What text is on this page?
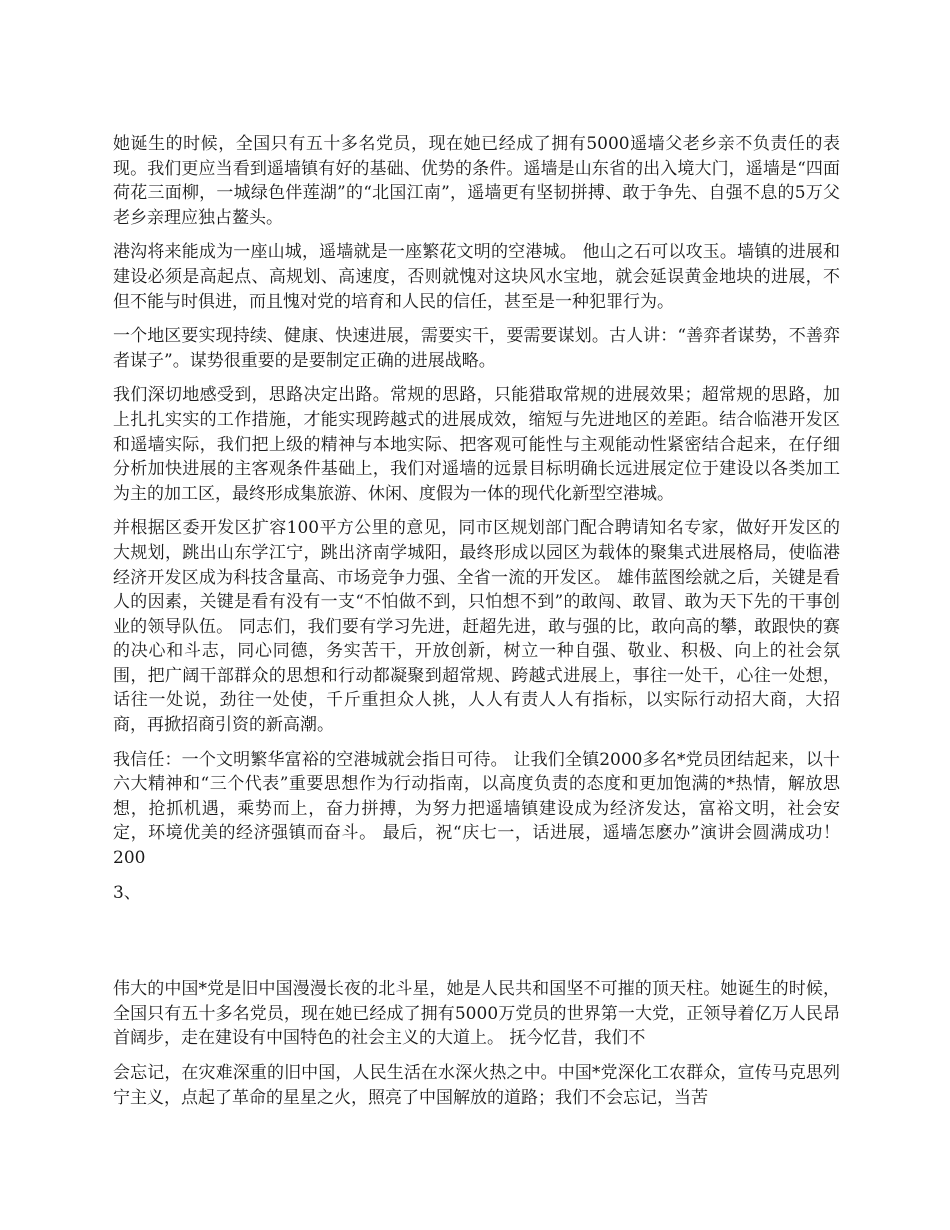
她诞生的时候，全国只有五十多名党员，现在她已经成了拥有5000遥墙父老乡亲不负责任的表现。我们更应当看到遥墙镇有好的基础、优势的条件。遥墙是山东省的出入境大门，遥墙是“四面荷花三面柳，一城绿色伴莲湖”的“北国江南”，遥墙更有坚韧拼搏、敢于争先、自强不息的5万父老乡亲理应独占鳌头。

港沟将来能成为一座山城，遥墙就是一座繁花文明的空港城。 他山之石可以攻玉。墙镇的进展和建设必须是高起点、高规划、高速度，否则就愧对这块风水宝地，就会延误黄金地块的进展，不但不能与时俱进，而且愧对党的培育和人民的信任，甚至是一种犯罪行为。

一个地区要实现持续、健康、快速进展，需要实干，要需要谋划。古人讲：“善弈者谋势，不善弈者谋子”。谋势很重要的是要制定正确的进展战略。

我们深切地感受到，思路决定出路。常规的思路，只能猎取常规的进展效果；超常规的思路，加上扎扎实实的工作措施，才能实现跨越式的进展成效，缩短与先进地区的差距。结合临港开发区和遥墙实际，我们把上级的精神与本地实际、把客观可能性与主观能动性紧密结合起来，在仔细分析加快进展的主客观条件基础上，我们对遥墙的远景目标明确长远进展定位于建设以各类加工为主的加工区，最终形成集旅游、休闲、度假为一体的现代化新型空港城。

并根据区委开发区扩容100平方公里的意见，同市区规划部门配合聘请知名专家，做好开发区的大规划，跳出山东学江宁，跳出济南学城阳，最终形成以园区为载体的聚集式进展格局，使临港经济开发区成为科技含量高、市场竞争力强、全省一流的开发区。 雄伟蓝图绘就之后，关键是看人的因素，关键是看有没有一支“不怕做不到，只怕想不到”的敢闯、敢冒、敢为天下先的干事创业的领导队伍。 同志们，我们要有学习先进，赶超先进，敢与强的比，敢向高的攀，敢跟快的赛的决心和斗志，同心同德，务实苦干，开放创新，树立一种自强、敬业、积极、向上的社会氛围，把广阔干部群众的思想和行动都凝聚到超常规、跨越式进展上，事往一处干，心往一处想，话往一处说，劲往一处使，千斤重担众人挑，人人有责人人有指标，以实际行动招大商，大招商，再掀招商引资的新高潮。

我信任：一个文明繁华富裕的空港城就会指日可待。 让我们全镇2000多名*党员团结起来，以十六大精神和“三个代表”重要思想作为行动指南，以高度负责的态度和更加饱满的*热情，解放思想，抢抓机遇，乘势而上，奋力拼搏，为努力把遥墙镇建设成为经济发达，富裕文明，社会安定，环境优美的经济强镇而奋斗。 最后，祝“庆七一，话进展，遥墙怎麽办”演讲会圆满成功！ 200

3、

伟大的中国*党是旧中国漫漫长夜的北斗星，她是人民共和国坚不可摧的顶天柱。她诞生的时候，全国只有五十多名党员，现在她已经成了拥有5000万党员的世界第一大党，正领导着亿万人民昂首阔步，走在建设有中国特色的社会主义的大道上。 抚今忆昔，我们不

会忘记，在灾难深重的旧中国，人民生活在水深火热之中。中国*党深化工农群众，宣传马克思列宁主义，点起了革命的星星之火，照亮了中国解放的道路；我们不会忘记，当苦
